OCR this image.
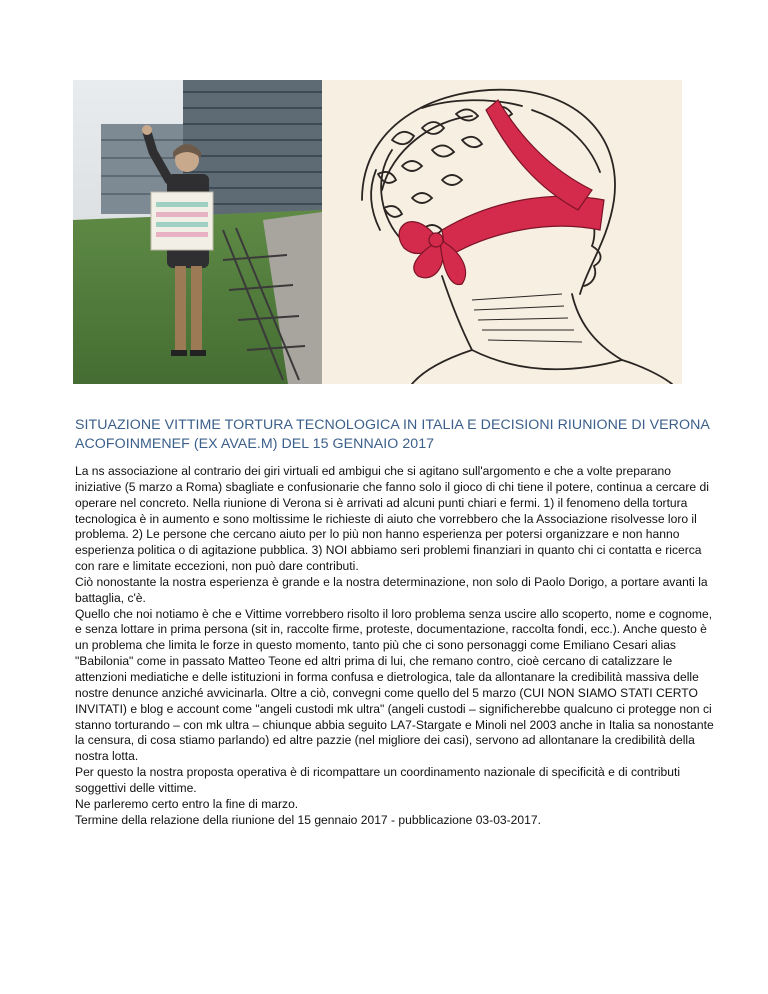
SITUAZIONE VITTIME TORTURA TECNOLOGICA IN ITALIA E DECISIONI RIUNIONE DI VERONA ACOFOINMENEF (EX AVAE.M) DEL 15 GENNAIO 2017

La ns associazione al contrario dei giri virtuali ed ambigui che si agitano sull'argomento e che a volte preparano iniziative (5 marzo a Roma) sbagliate e confusionarie che fanno solo il gioco di chi tiene il potere, continua a cercare di operare nel concreto. Nella riunione di Verona si è arrivati ad alcuni punti chiari e fermi. 1) il fenomeno della tortura tecnologica è in aumento e sono moltissime le richieste di aiuto che vorrebbero che la Associazione risolvesse loro il problema. 2) Le persone che cercano aiuto per lo più non hanno esperienza per potersi organizzare e non hanno esperienza politica o di agitazione pubblica. 3) NOI abbiamo seri problemi finanziari in quanto chi ci contatta e ricerca con rare e limitate eccezioni, non può dare contributi.

Ciò nonostante la nostra esperienza è grande e la nostra determinazione, non solo di Paolo Dorigo, a portare avanti la battaglia, c'è.

Quello che noi notiamo è che e Vittime vorrebbero risolto il loro problema senza uscire allo scoperto, nome e cognome, e senza lottare in prima persona (sit in, raccolte firme, proteste, documentazione, raccolta fondi, ecc.). Anche questo è un problema che limita le forze in questo momento, tanto più che ci sono personaggi come Emiliano Cesari alias "Babilonia" come in passato Matteo Teone ed altri prima di lui, che remano contro, cioè cercano di catalizzare le attenzioni mediatiche e delle istituzioni in forma confusa e dietrologica, tale da allontanare la credibilità massiva delle nostre denunce anziché avvicinarla. Oltre a ciò, convegni come quello del 5 marzo (CUI NON SIAMO STATI CERTO INVITATI) e blog e account come "angeli custodi mk ultra" (angeli custodi – significherebbe qualcuno ci protegge non ci stanno torturando – con mk ultra – chiunque abbia seguito LA7-Stargate e Minoli nel 2003 anche in Italia sa nonostante la censura, di cosa stiamo parlando) ed altre pazzie (nel migliore dei casi), servono ad allontanare la credibilità della nostra lotta.

Per questo la nostra proposta operativa è di ricompattare un coordinamento nazionale di specificità e di contributi soggettivi delle vittime.

Ne parleremo certo entro la fine di marzo.

Termine della relazione della riunione del 15 gennaio 2017 - pubblicazione 03-03-2017.
